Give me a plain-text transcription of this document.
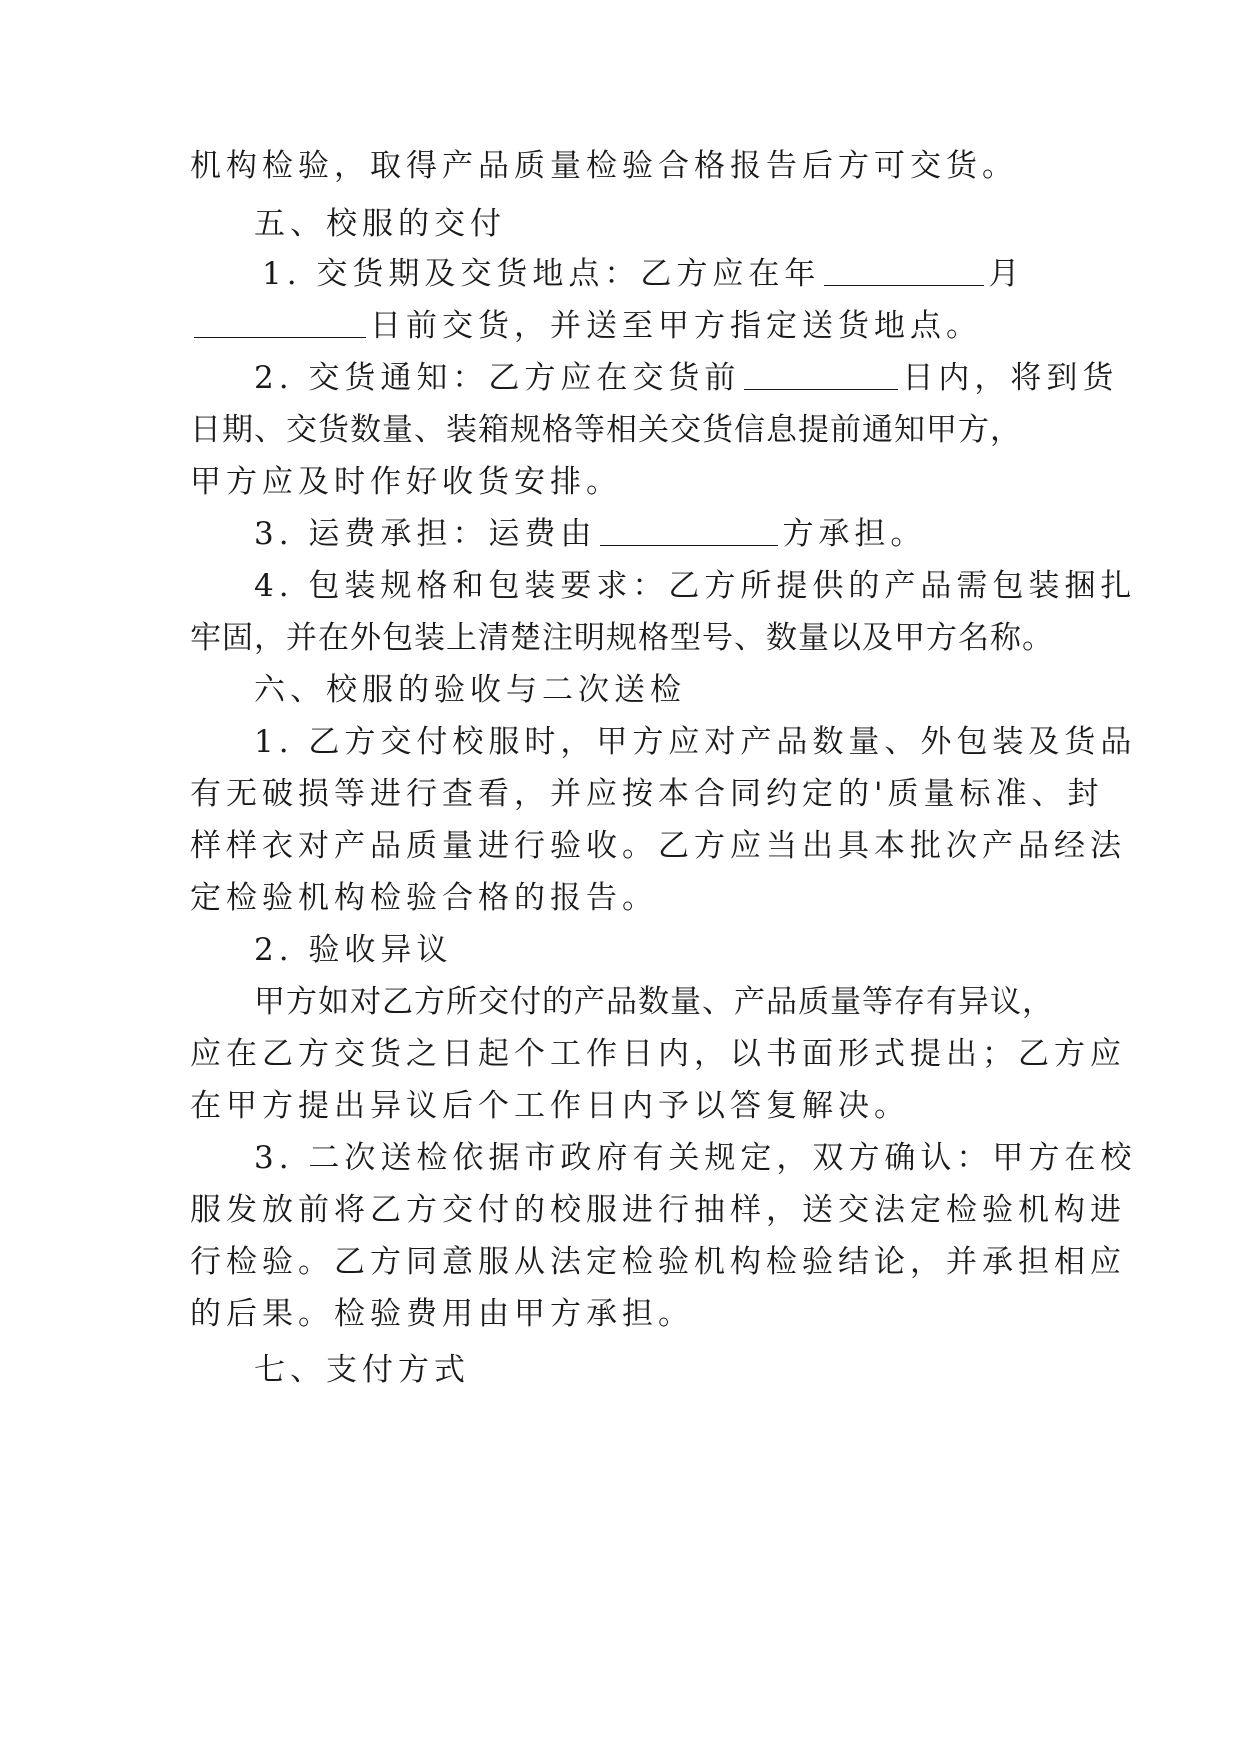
机构检验，取得产品质量检验合格报告后方可交货。
五、校服的交付
1. 交货期及交货地点：乙方应在年	月
日前交货，并送至甲方指定送货地点。
2. 交货通知：乙方应在交货前	日内，将到货
日期、交货数量、装箱规格等相关交货信息提前通知甲方，
甲方应及时作好收货安排。
3. 运费承担：运费由	方承担。
4. 包装规格和包装要求：乙方所提供的产品需包装捆扎
牢固，并在外包装上清楚注明规格型号、数量以及甲方名称。
六、校服的验收与二次送检
1. 乙方交付校服时，甲方应对产品数量、外包装及货品
有无破损等进行查看，并应按本合同约定的'质量标准、封
样样衣对产品质量进行验收。乙方应当出具本批次产品经法
定检验机构检验合格的报告。
2. 验收异议
甲方如对乙方所交付的产品数量、产品质量等存有异议，
应在乙方交货之日起个工作日内，以书面形式提出；乙方应
在甲方提出异议后个工作日内予以答复解决。
3. 二次送检依据市政府有关规定，双方确认：甲方在校
服发放前将乙方交付的校服进行抽样，送交法定检验机构进
行检验。乙方同意服从法定检验机构检验结论，并承担相应
的后果。检验费用由甲方承担。
七、支付方式
